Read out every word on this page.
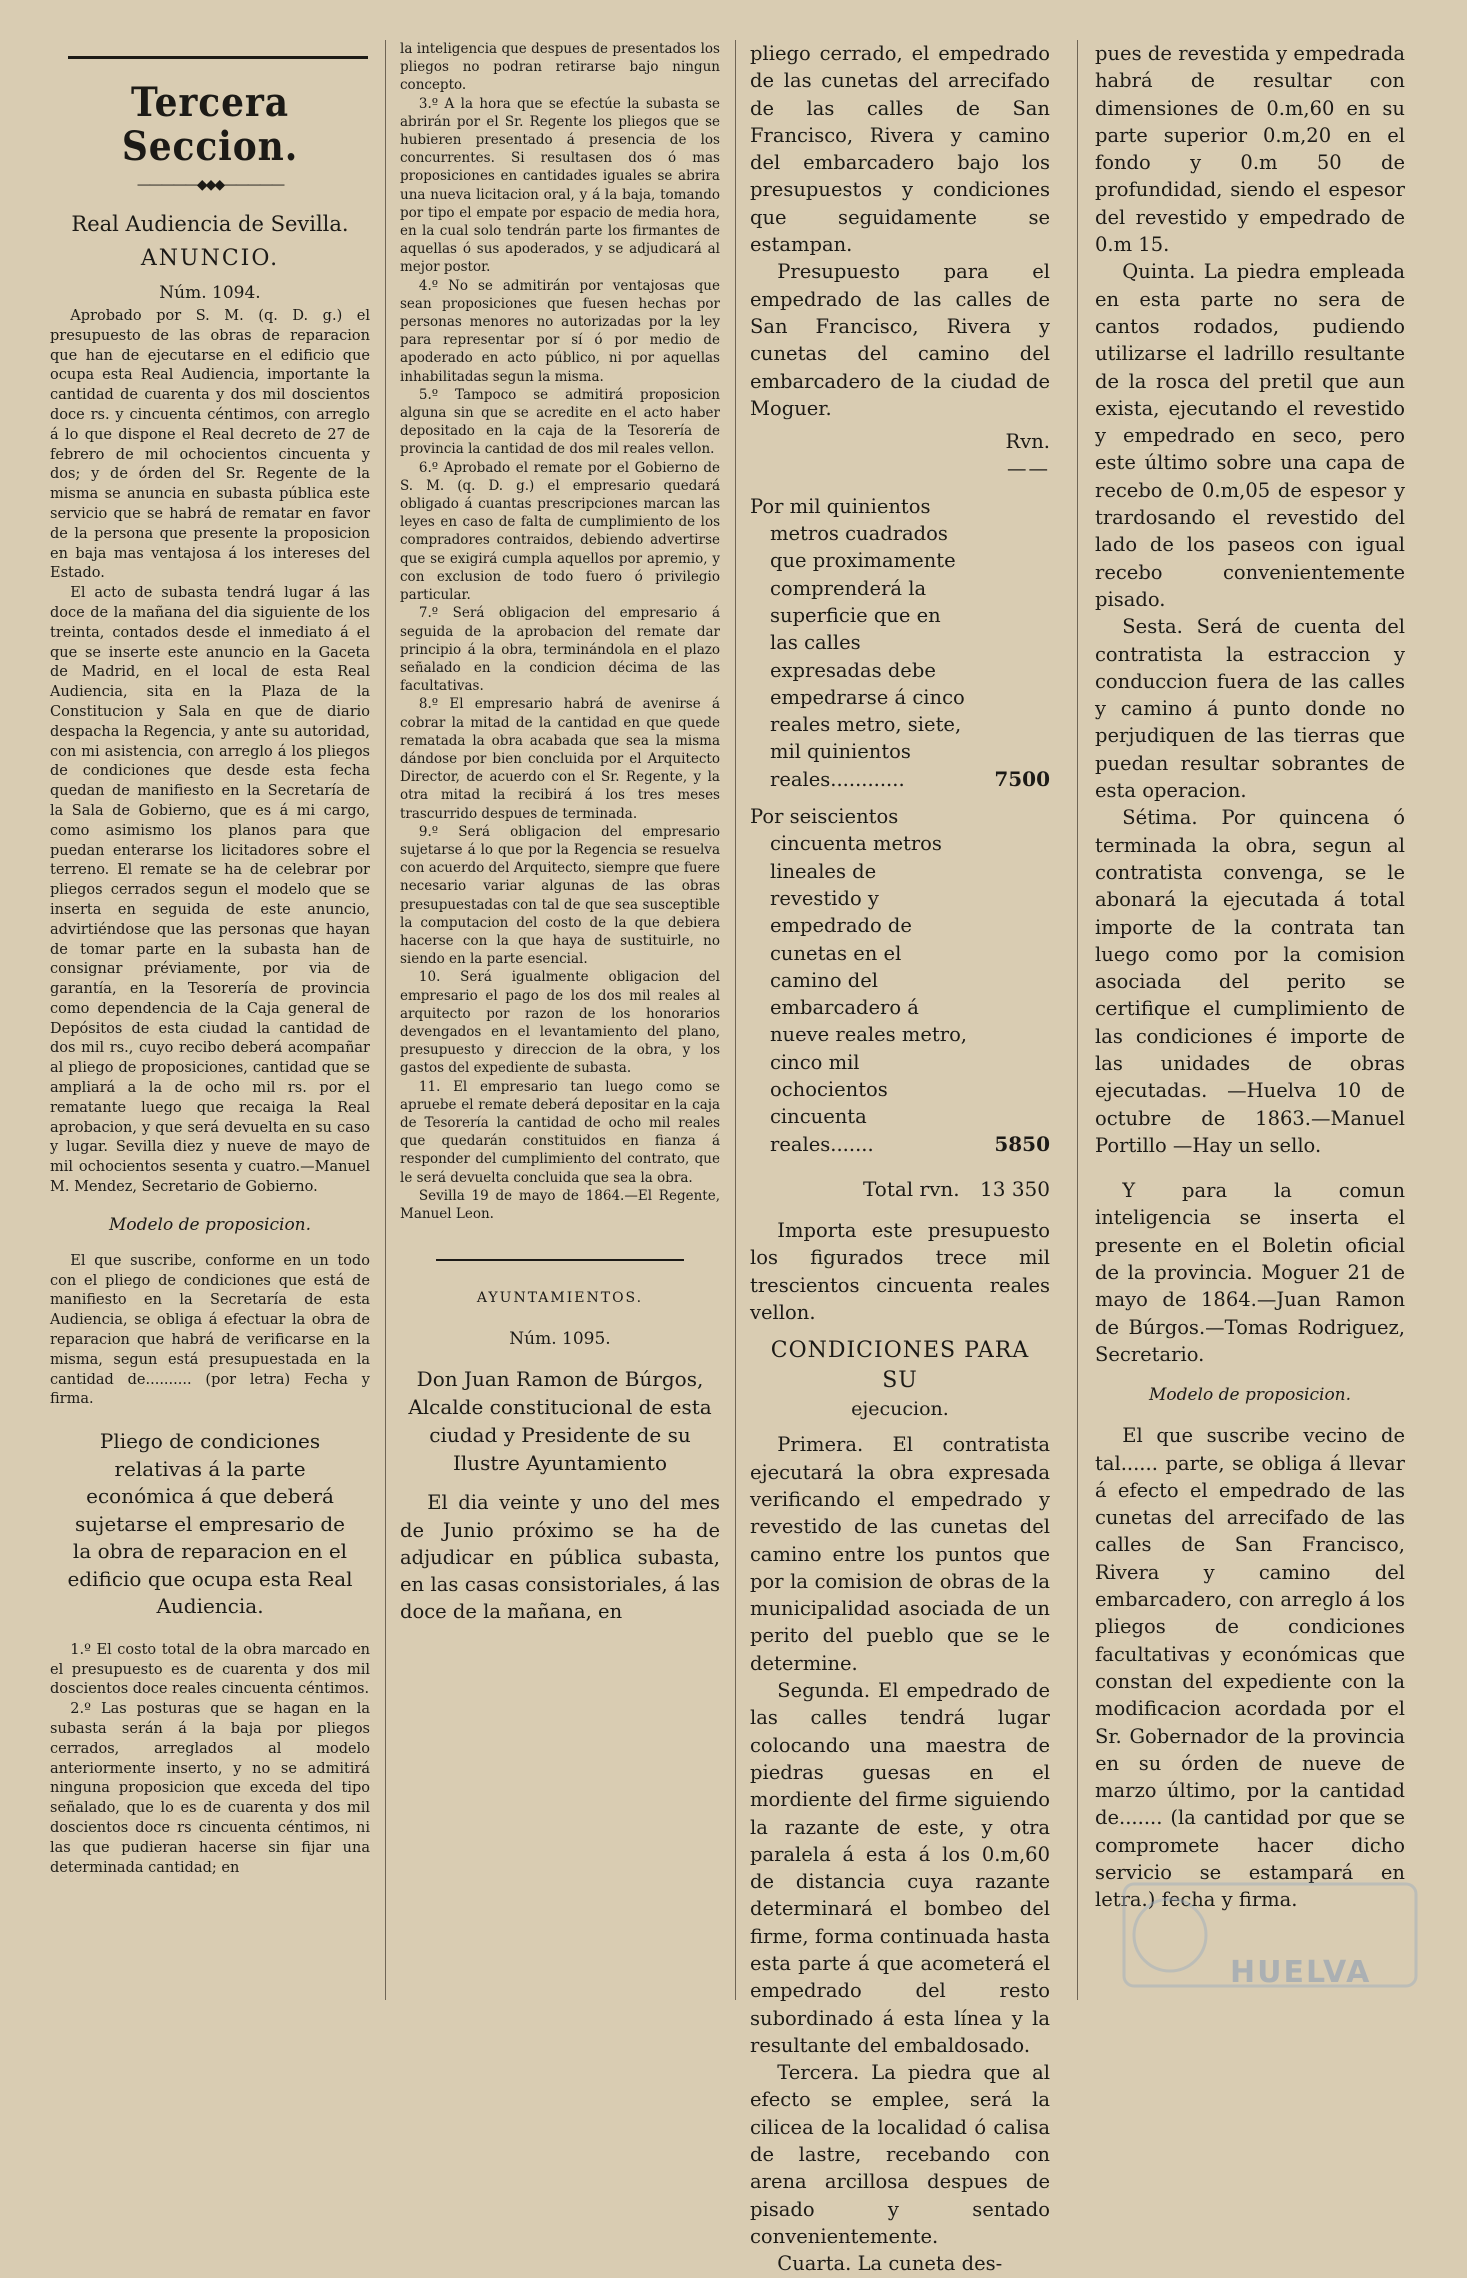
Tercera Seccion.
—————◆◆◆—————
Real Audiencia de Sevilla.
ANUNCIO.
Núm. 1094.

Aprobado por S. M. (q. D. g.) el presupuesto de las obras de reparacion que han de ejecutarse en el edificio que ocupa esta Real Audiencia, importante la cantidad de cuarenta y dos mil doscientos doce rs. y cincuenta céntimos, con arreglo á lo que dispone el Real decreto de 27 de febrero de mil ochocientos cincuenta y dos; y de órden del Sr. Regente de la misma se anuncia en subasta pública este servicio que se habrá de rematar en favor de la persona que presente la proposicion en baja mas ventajosa á los intereses del Estado.

El acto de subasta tendrá lugar á las doce de la mañana del dia siguiente de los treinta, contados desde el inmediato á el que se inserte este anuncio en la Gaceta de Madrid, en el local de esta Real Audiencia, sita en la Plaza de la Constitucion y Sala en que de diario despacha la Regencia, y ante su autoridad, con mi asistencia, con arreglo á los pliegos de condiciones que desde esta fecha quedan de manifiesto en la Secretaría de la Sala de Gobierno, que es á mi cargo, como asimismo los planos para que puedan enterarse los licitadores sobre el terreno. El remate se ha de celebrar por pliegos cerrados segun el modelo que se inserta en seguida de este anuncio, advirtiéndose que las personas que hayan de tomar parte en la subasta han de consignar préviamente, por via de garantía, en la Tesorería de provincia como dependencia de la Caja general de Depósitos de esta ciudad la cantidad de dos mil rs., cuyo recibo deberá acompañar al pliego de proposiciones, cantidad que se ampliará a la de ocho mil rs. por el rematante luego que recaiga la Real aprobacion, y que será devuelta en su caso y lugar. Sevilla diez y nueve de mayo de mil ochocientos sesenta y cuatro.—Manuel M. Mendez, Secretario de Gobierno.

Modelo de proposicion.

El que suscribe, conforme en un todo con el pliego de condiciones que está de manifiesto en la Secretaría de esta Audiencia, se obliga á efectuar la obra de reparacion que habrá de verificarse en la misma, segun está presupuestada en la cantidad de.......... (por letra) Fecha y firma.

Pliego de condiciones relativas á la parte económica á que deberá sujetarse el empresario de la obra de reparacion en el edificio que ocupa esta Real Audiencia.

1.º El costo total de la obra marcado en el presupuesto es de cuarenta y dos mil doscientos doce reales cincuenta céntimos.

2.º Las posturas que se hagan en la subasta serán á la baja por pliegos cerrados, arreglados al modelo anteriormente inserto, y no se admitirá ninguna proposicion que exceda del tipo señalado, que lo es de cuarenta y dos mil doscientos doce rs cincuenta céntimos, ni las que pudieran hacerse sin fijar una determinada cantidad; en

la inteligencia que despues de presentados los pliegos no podran retirarse bajo ningun concepto.

3.º A la hora que se efectúe la subasta se abrirán por el Sr. Regente los pliegos que se hubieren presentado á presencia de los concurrentes. Si resultasen dos ó mas proposiciones en cantidades iguales se abrira una nueva licitacion oral, y á la baja, tomando por tipo el empate por espacio de media hora, en la cual solo tendrán parte los firmantes de aquellas ó sus apoderados, y se adjudicará al mejor postor.

4.º No se admitirán por ventajosas que sean proposiciones que fuesen hechas por personas menores no autorizadas por la ley para representar por sí ó por medio de apoderado en acto público, ni por aquellas inhabilitadas segun la misma.

5.º Tampoco se admitirá proposicion alguna sin que se acredite en el acto haber depositado en la caja de la Tesorería de provincia la cantidad de dos mil reales vellon.

6.º Aprobado el remate por el Gobierno de S. M. (q. D. g.) el empresario quedará obligado á cuantas prescripciones marcan las leyes en caso de falta de cumplimiento de los compradores contraidos, debiendo advertirse que se exigirá cumpla aquellos por apremio, y con exclusion de todo fuero ó privilegio particular.

7.º Será obligacion del empresario á seguida de la aprobacion del remate dar principio á la obra, terminándola en el plazo señalado en la condicion décima de las facultativas.

8.º El empresario habrá de avenirse á cobrar la mitad de la cantidad en que quede rematada la obra acabada que sea la misma dándose por bien concluida por el Arquitecto Director, de acuerdo con el Sr. Regente, y la otra mitad la recibirá á los tres meses trascurrido despues de terminada.

9.º Será obligacion del empresario sujetarse á lo que por la Regencia se resuelva con acuerdo del Arquitecto, siempre que fuere necesario variar algunas de las obras presupuestadas con tal de que sea susceptible la computacion del costo de la que debiera hacerse con la que haya de sustituirle, no siendo en la parte esencial.

10. Será igualmente obligacion del empresario el pago de los dos mil reales al arquitecto por razon de los honorarios devengados en el levantamiento del plano, presupuesto y direccion de la obra, y los gastos del expediente de subasta.

11. El empresario tan luego como se apruebe el remate deberá depositar en la caja de Tesorería la cantidad de ocho mil reales que quedarán constituidos en fianza á responder del cumplimiento del contrato, que le será devuelta concluida que sea la obra.

Sevilla 19 de mayo de 1864.—El Regente, Manuel Leon.

AYUNTAMIENTOS.
Núm. 1095.
Don Juan Ramon de Búrgos, Alcalde constitucional de esta ciudad y Presidente de su Ilustre Ayuntamiento

El dia veinte y uno del mes de Junio próximo se ha de adjudicar en pública subasta, en las casas consistoriales, á las doce de la mañana, en

pliego cerrado, el empedrado de las cunetas del arrecifado de las calles de San Francisco, Rivera y camino del embarcadero bajo los presupuestos y condiciones que seguidamente se estampan.

Presupuesto para el empedrado de las calles de San Francisco, Rivera y cunetas del camino del embarcadero de la ciudad de Moguer.

Rvn.
——
Por mil quinientos metros cuadrados que proximamente comprenderá la superficie que en las calles expresadas debe empedrarse á cinco reales metro, siete, mil quinientos reales............	7500
Por seiscientos cincuenta metros lineales de revestido y empedrado de cunetas en el camino del embarcadero á nueve reales metro, cinco mil ochocientos cincuenta reales.......	5850
Total rvn. 13 350

Importa este presupuesto los figurados trece mil trescientos cincuenta reales vellon.

CONDICIONES PARA SU
ejecucion.

Primera. El contratista ejecutará la obra expresada verificando el empedrado y revestido de las cunetas del camino entre los puntos que por la comision de obras de la municipalidad asociada de un perito del pueblo que se le determine.

Segunda. El empedrado de las calles tendrá lugar colocando una maestra de piedras guesas en el mordiente del firme siguiendo la razante de este, y otra paralela á esta á los 0.m,60 de distancia cuya razante determinará el bombeo del firme, forma continuada hasta esta parte á que acometerá el empedrado del resto subordinado á esta línea y la resultante del embaldosado.

Tercera. La piedra que al efecto se emplee, será la cilicea de la localidad ó calisa de lastre, recebando con arena arcillosa despues de pisado y sentado convenientemente.

Cuarta. La cuneta des-

pues de revestida y empedrada habrá de resultar con dimensiones de 0.m,60 en su parte superior 0.m,20 en el fondo y 0.m 50 de profundidad, siendo el espesor del revestido y empedrado de 0.m 15.

Quinta. La piedra empleada en esta parte no sera de cantos rodados, pudiendo utilizarse el ladrillo resultante de la rosca del pretil que aun exista, ejecutando el revestido y empedrado en seco, pero este último sobre una capa de recebo de 0.m,05 de espesor y trardosando el revestido del lado de los paseos con igual recebo convenientemente pisado.

Sesta. Será de cuenta del contratista la estraccion y conduccion fuera de las calles y camino á punto donde no perjudiquen de las tierras que puedan resultar sobrantes de esta operacion.

Sétima. Por quincena ó terminada la obra, segun al contratista convenga, se le abonará la ejecutada á total importe de la contrata tan luego como por la comision asociada del perito se certifique el cumplimiento de las condiciones é importe de las unidades de obras ejecutadas. —Huelva 10 de octubre de 1863.—Manuel Portillo —Hay un sello.

Y para la comun inteligencia se inserta el presente en el Boletin oficial de la provincia. Moguer 21 de mayo de 1864.—Juan Ramon de Búrgos.—Tomas Rodriguez, Secretario.

Modelo de proposicion.

El que suscribe vecino de tal...... parte, se obliga á llevar á efecto el empedrado de las cunetas del arrecifado de las calles de San Francisco, Rivera y camino del embarcadero, con arreglo á los pliegos de condiciones facultativas y económicas que constan del expediente con la modificacion acordada por el Sr. Gobernador de la provincia en su órden de nueve de marzo último, por la cantidad de....... (la cantidad por que se compromete hacer dicho servicio se estampará en letra.) fecha y firma.

HUELVA
